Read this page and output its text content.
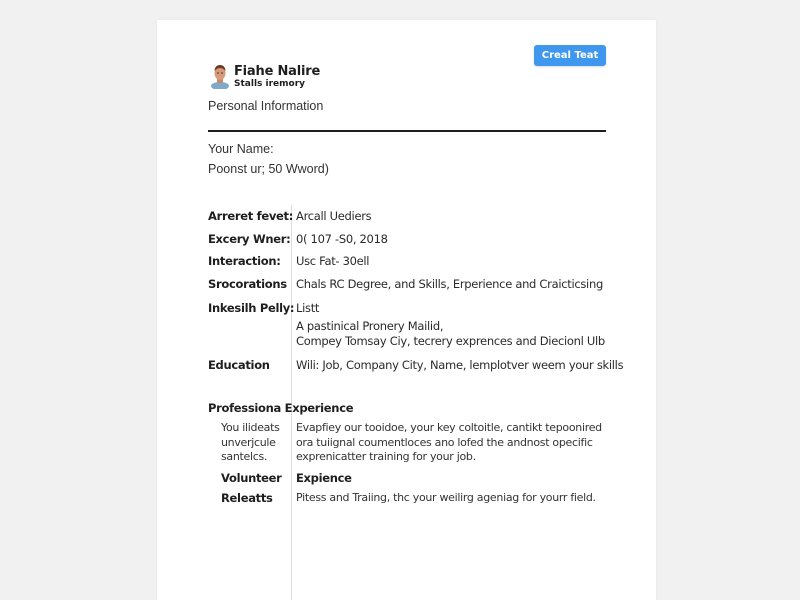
Creal Teat
Fiahe Nalire
Stalls iremory
Personal Information
Your Name:
Poonst ur; 50 Wword)
Arreret fevet: Arcall Uediers
Excery Wner: 0( 107 -S0, 2018
Interaction: Usc Fat- 30ell
Srocorations Chals RC Degree, and Skills, Erperience and Craicticsing
Inkesilh Pelly: Listt
A pastinical Pronery Mailid,
Compey Tomsay Ciy, tecrery exprences and Diecionl Ulb
Education Wili: Job, Company City, Name, lemplotver weem your skills
Professiona Experience
You ilideats
unverjcule
santelcs.
Evapfiey our tooidoe, your key coltoitle, cantikt tepoonired
ora tuiignal coumentloces ano lofed the andnost opecific
exprenicatter training for your job.
Volunteer Expience
Releatts Pitess and Traiing, thc your weilirg ageniag for yourr field.
